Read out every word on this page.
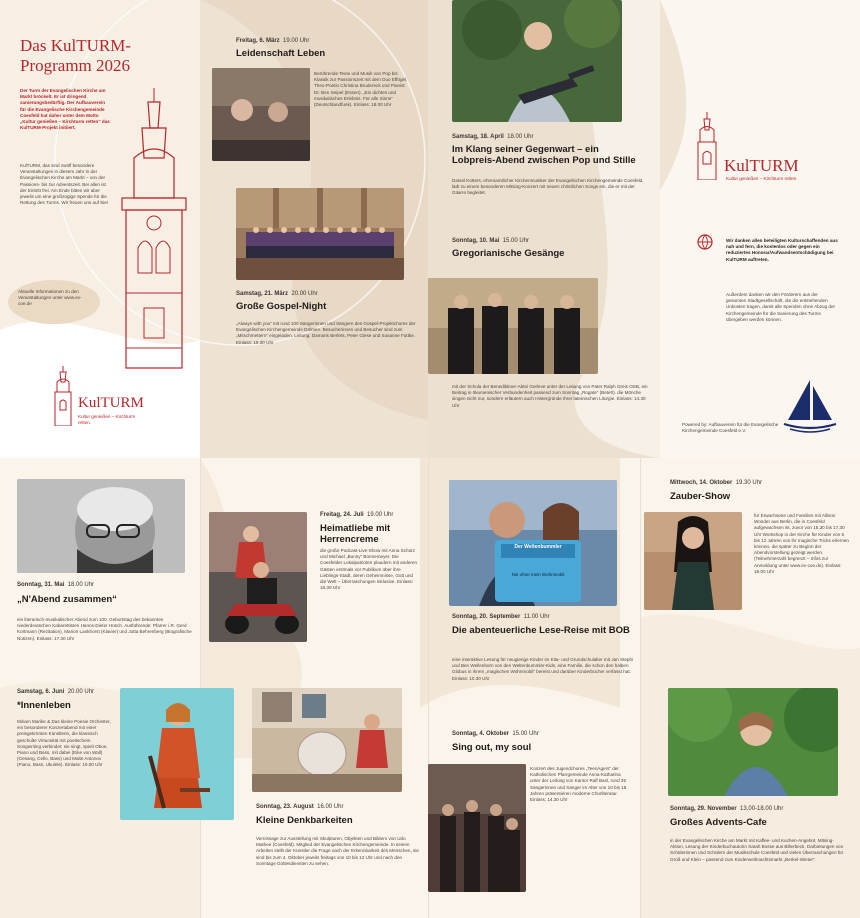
Das KulTURM-
Programm 2026
Der Turm der Evangelischen Kirche am Markt bröckelt. Er ist dringend sanierungsbedürftig. Der Aufbauverein für die Evangelische Kirchengemeinde Coesfeld hat daher unter dem Motto „Kultur genießen – Kirchturm retten“ das KulTURM-Projekt initiiert.
KulTURM, das sind zwölf besondere Veranstaltungen in diesem Jahr in der Evangelischen Kirche am Markt – von der Passions- bis zur Adventszeit. Bei allen ist der Eintritt frei. Am Ende bitten wir aber jeweils um eine großzügige Spende für die Rettung des Turms. Wir freuen uns auf Sie!
Aktuelle Informationen zu den Veranstaltungen unter www.ev-coe.de
KulTURM
Kultur genießen – Kirchturm retten.
Freitag, 6. März 19.00 Uhr
Leidenschaft Leben
Berührende Texte und Musik von Pop bis Klassik zur Passionszeit mit dem Duo Effögel, Theo-Poetin Christina Brudereck und Pianist Dr. Ben Seipel (Essen). „Ein dichtes und musikalisches Erlebnis. Für alle Sinne“ (Deutschlandfunk). Einlass: 18.00 Uhr
Samstag, 21. März 20.00 Uhr
Große Gospel-Night
„Always with you“ mit rund 100 Sängerinnen und Sängern des Gospel-Projektchores der Evangelischen Kirchengemeinde Dülmen. Besucherinnen und Besucher sind zum „Mitschmettern“ eingeladen. Leitung: Damaris Berlets, Peter Giese und Susanne Futtke. Einlass: 19.30 Uhr
Samstag, 18. April 18.00 Uhr
Im Klang seiner Gegenwart – ein Lobpreis-Abend zwischen Pop und Stille
Daniel Kotters, ehrenamtlicher Kirchenmusiker der Evangelischen Kirchengemeinde Coesfeld, lädt zu einem besonderen Mitsing-Konzert mit neuen christlichen Songs ein, die er mit der Gitarre begleitet.
Sonntag, 10. Mai 15.00 Uhr
Gregorianische Gesänge
mit der Schola der Benediktiner-Abtei Gerleve unter der Leitung von Pater Ralph Greis OSB, ein Beitrag in ökumenischer Verbundenheit passend zum Sonntag „Rogate“ (Betet!). die Mönche singen nicht nur, sondern erläutern auch Hintergründe ihrer lateinischen Liturgie. Einlass: 14.30 Uhr
KulTURM
Kultur genießen – Kirchturm retten.
Wir danken allen beteiligten Kulturschaffenden aus nah und fern, die kostenlos oder gegen ein reduziertes Honorar/Aufwandsentschädigung bei KulTURM auftreten.
Außerdem danken wir den Förderern aus der gesamten Stadtgesellschaft, die die entstehenden Unkosten tragen, damit alle Spenden ohne Abzug der Kirchengemeinde für die Sanierung des Turms übergeben werden können.
Powered by: Aufbauverein für die Evangelische Kirchengemeinde Coesfeld e.V.
Sonntag, 31. Mai 18.00 Uhr
„N'Abend zusammen“
ein literarisch-musikalischer Abend zum 100. Geburtstag des bekannten niederdeutschen Kabarettisten Hanns-Dieter Hüsch. Ausführende: Pfarrer i.R. Gerd Kortmann (Rezitation), Marion Lankhorst (Klavier) und Jutta Behrenberg (Biografische Notizen). Einlass: 17.30 Uhr
Samstag, 6. Juni 20.00 Uhr
*Innenleben
Miriam Marike & Das kleine Poesie Orchester, ein besonderer Konzertabend mit einer preisgekrönten Künstlerin, die klassisch geschulte Virtuosität mit poetischem Songwriting verbindet; sie singt, spielt Oboe, Piano und Bass, mit dabei (Eike von Wall) (Gesang, Cello, Bass) und Malte Antonov (Piano, Bass, Ukulele). Einlass: 19.00 Uhr
Freitag, 24. Juli 19.00 Uhr
Heimatliebe mit Herrencreme
die große Podcast-Live-Show mit Anna Schürz und Michael „Bunny“ Bonnemeyer. Die Coesfelder Lokalpatrioten plaudern mit anderen Gästen erstmals vor Publikum über ihre Lieblings-Stadt, deren Geheimnisse, Gott und die Welt – Überraschungen inklusive. Einlass: 18.30 Uhr
Sonntag, 23. August 16.00 Uhr
Kleine Denkbarkeiten
Vernissage zur Ausstellung mit Skulpturen, Objekten und Bildern von Udo Mathee (Coesfeld). Mitglied der Evangelischen Kirchengemeinde. In seinen Arbeiten stellt der Künstler die Frage nach der Erkennbarkeit des Menschen, sie sind bis zum 4. Oktober jeweils freitags von 10 bis 12 Uhr und nach den Sonntags-Gottesdiensten zu sehen.
Der Weltenbummler
Nie ohne mein Wohnmobil
Sonntag, 20. September 11.00 Uhr
Die abenteuerliche Lese-Reise mit BOB
eine interaktive Lesung für neugierige Kinder im Kita- und Grundschulalter mit Jan Stephi und Ben Wellenborn von den Weltenbummler-Kids, eine Familie, die schon den halben Globus in ihrem „magischen Wohnmobil“ bereist und darüber Kinderbücher verfasst hat. Einlass: 10.30 Uhr
Sonntag, 4. Oktober 15.00 Uhr
Sing out, my soul
Konzert des Jugendchores „TeenAgers“ der Katholischen Pfarrgemeinde Anna-Katharina unter der Leitung von Kantor Ralf Basl, rund 35 Sängerinnen und Sänger im Alter von 10 bis 18 Jahren präsentieren moderne Chorliteratur. Einlass: 14.30 Uhr
Mittwoch, 14. Oktober 19.30 Uhr
Zauber-Show
für Erwachsene und Familien mit Allison Wonder aus Berlin, die in Coesfeld aufgewachsen ist, zuvor von 15.30 bis 17.30 Uhr Workshop in der Kirche für Kinder von 6 bis 12 Jahren von ihr magische Tricks erlernen können, die später zu Beginn der Abendvorstellung gezeigt werden. (Teilnehmerzahl begrenzt – Infos zur Anmeldung unter www.ev-coe.de). Einlass: 19.00 Uhr
Sonntag, 29. November 13.00-18.00 Uhr
Großes Advents-Cafe
in der Evangelischen Kirche am Markt mit Kaffee- und Kuchen-Angebot, Mitsing-Aktion, Lesung der Kinderbuchautorin Sarah Bosse aus Billerbeck, Darbietungen von Schülerinnen und Schülern der Musikschule Coesfeld und vielen Überraschungen für Groß und Klein – passend zum Kinderweihnachtsmarkt „Berkel-Winter“.
